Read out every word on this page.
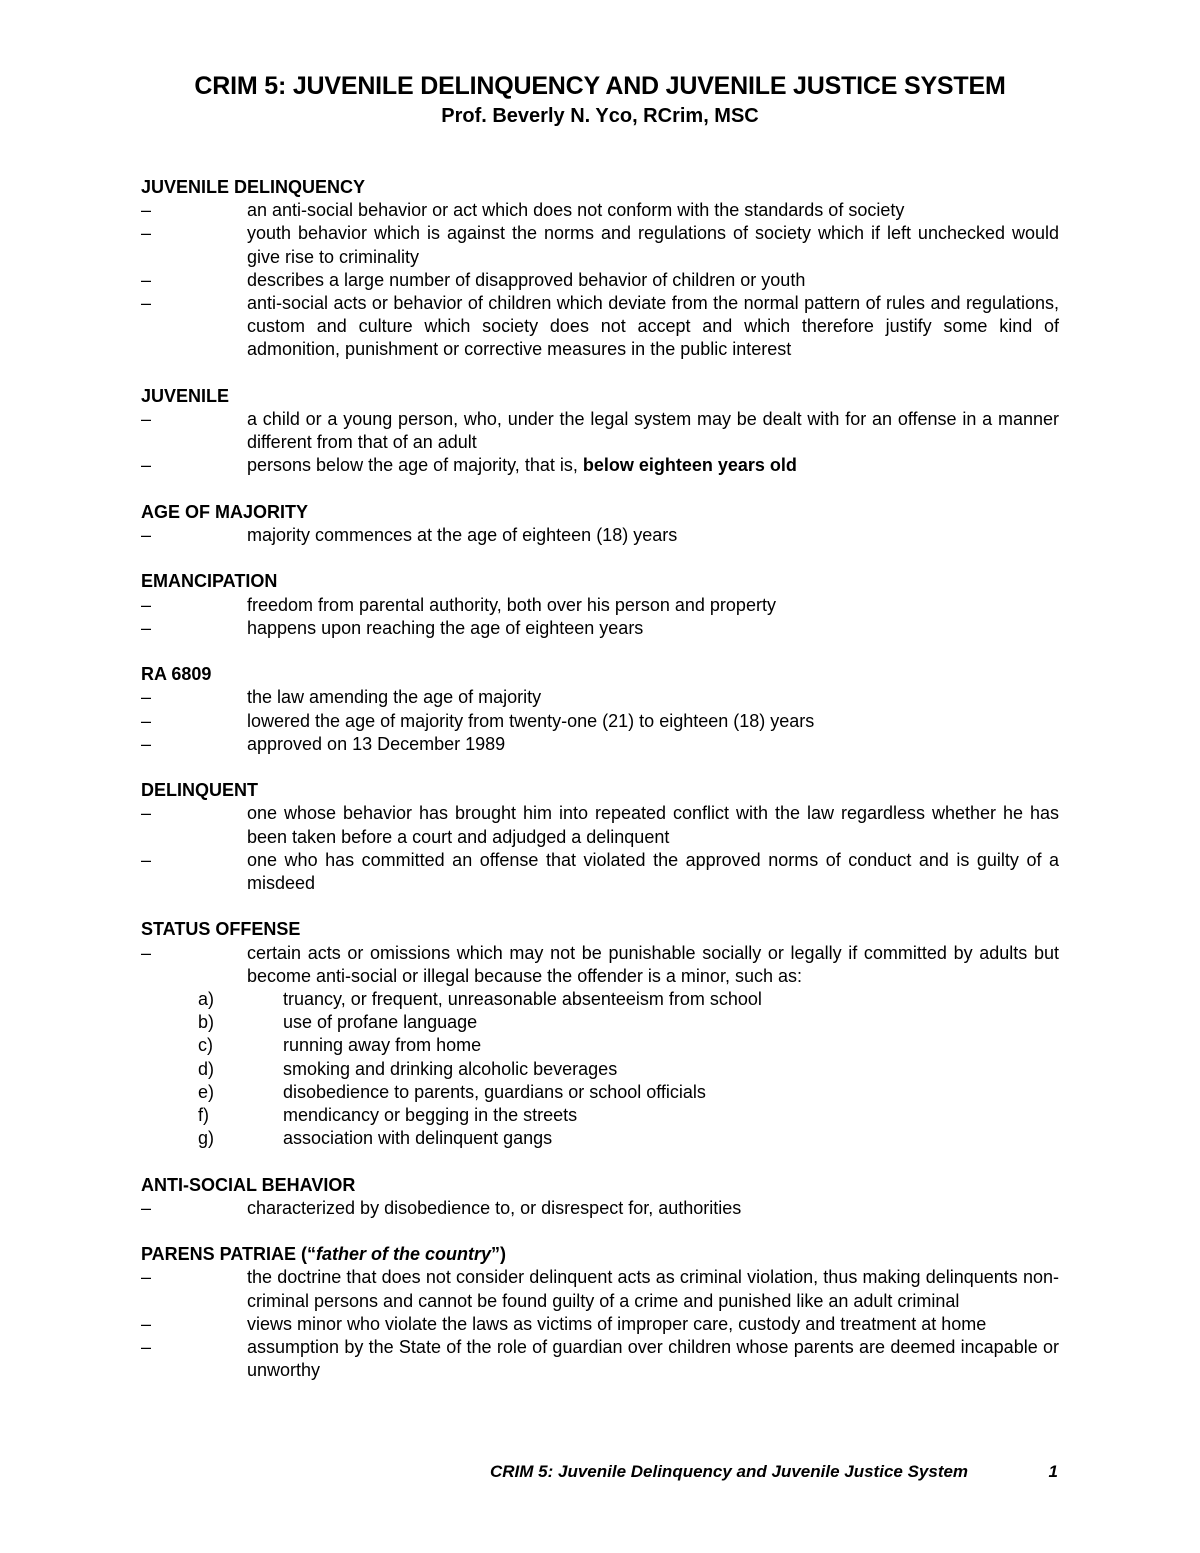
CRIM 5: JUVENILE DELINQUENCY AND JUVENILE JUSTICE SYSTEM
Prof. Beverly N. Yco, RCrim, MSC
JUVENILE DELINQUENCY
–	an anti-social behavior or act which does not conform with the standards of society
–	youth behavior which is against the norms and regulations of society which if left unchecked would give rise to criminality
–	describes a large number of disapproved behavior of children or youth
–	anti-social acts or behavior of children which deviate from the normal pattern of rules and regulations, custom and culture which society does not accept and which therefore justify some kind of admonition, punishment or corrective measures in the public interest
JUVENILE
–	a child or a young person, who, under the legal system may be dealt with for an offense in a manner different from that of an adult
–	persons below the age of majority, that is, below eighteen years old
AGE OF MAJORITY
–	majority commences at the age of eighteen (18) years
EMANCIPATION
–	freedom from parental authority, both over his person and property
–	happens upon reaching the age of eighteen years
RA 6809
–	the law amending the age of majority
–	lowered the age of majority from twenty-one (21) to eighteen (18) years
–	approved on 13 December 1989
DELINQUENT
–	one whose behavior has brought him into repeated conflict with the law regardless whether he has been taken before a court and adjudged a delinquent
–	one who has committed an offense that violated the approved norms of conduct and is guilty of a misdeed
STATUS OFFENSE
–	certain acts or omissions which may not be punishable socially or legally if committed by adults but become anti-social or illegal because the offender is a minor, such as:
a)	truancy, or frequent, unreasonable absenteeism from school
b)	use of profane language
c)	running away from home
d)	smoking and drinking alcoholic beverages
e)	disobedience to parents, guardians or school officials
f)	mendicancy or begging in the streets
g)	association with delinquent gangs
ANTI-SOCIAL BEHAVIOR
–	characterized by disobedience to, or disrespect for, authorities
PARENS PATRIAE (“father of the country”)
–	the doctrine that does not consider delinquent acts as criminal violation, thus making delinquents non-criminal persons and cannot be found guilty of a crime and punished like an adult criminal
–	views minor who violate the laws as victims of improper care, custody and treatment at home
–	assumption by the State of the role of guardian over children whose parents are deemed incapable or unworthy
CRIM 5: Juvenile Delinquency and Juvenile Justice System	1
